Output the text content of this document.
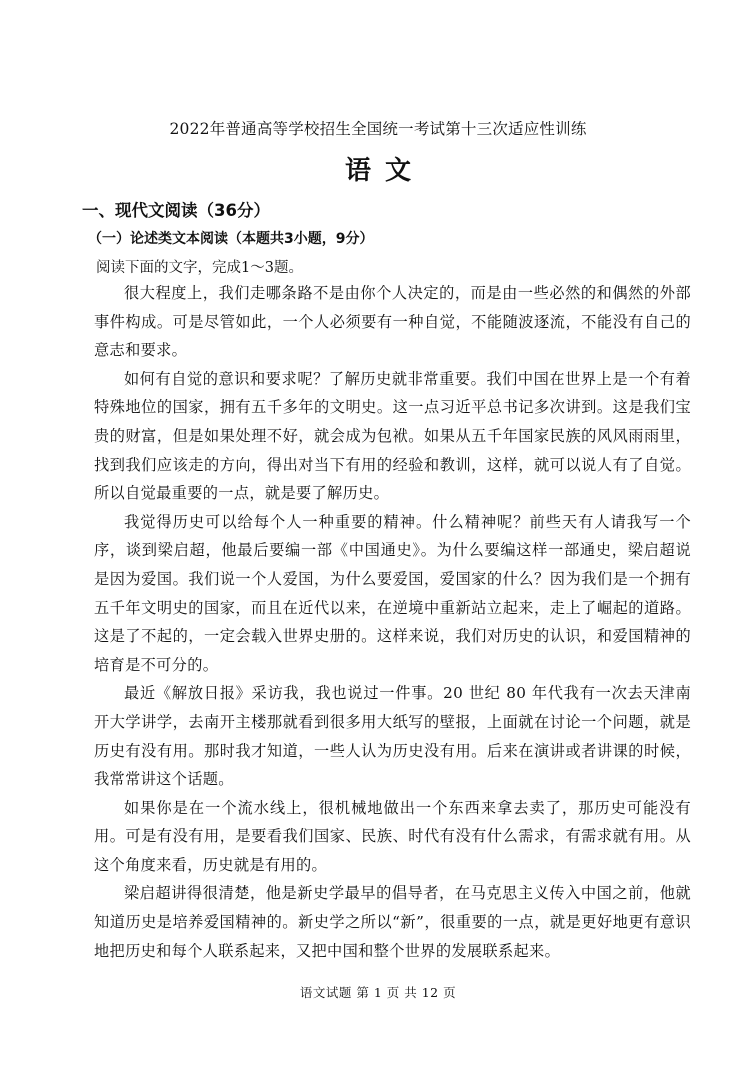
2022年普通高等学校招生全国统一考试第十三次适应性训练
语文
一、现代文阅读（36分）
（一）论述类文本阅读（本题共3小题，9分）
阅读下面的文字，完成1～3题。

很大程度上，我们走哪条路不是由你个人决定的，而是由一些必然的和偶然的外部事件构成。可是尽管如此，一个人必须要有一种自觉，不能随波逐流，不能没有自己的意志和要求。

如何有自觉的意识和要求呢？了解历史就非常重要。我们中国在世界上是一个有着特殊地位的国家，拥有五千多年的文明史。这一点习近平总书记多次讲到。这是我们宝贵的财富，但是如果处理不好，就会成为包袱。如果从五千年国家民族的风风雨雨里，找到我们应该走的方向，得出对当下有用的经验和教训，这样，就可以说人有了自觉。所以自觉最重要的一点，就是要了解历史。

我觉得历史可以给每个人一种重要的精神。什么精神呢？前些天有人请我写一个序，谈到梁启超，他最后要编一部《中国通史》。为什么要编这样一部通史，梁启超说是因为爱国。我们说一个人爱国，为什么要爱国，爱国家的什么？因为我们是一个拥有五千年文明史的国家，而且在近代以来，在逆境中重新站立起来，走上了崛起的道路。这是了不起的，一定会载入世界史册的。这样来说，我们对历史的认识，和爱国精神的培育是不可分的。

最近《解放日报》采访我，我也说过一件事。20 世纪 80 年代我有一次去天津南开大学讲学，去南开主楼那就看到很多用大纸写的壁报，上面就在讨论一个问题，就是历史有没有用。那时我才知道，一些人认为历史没有用。后来在演讲或者讲课的时候，我常常讲这个话题。

如果你是在一个流水线上，很机械地做出一个东西来拿去卖了，那历史可能没有用。可是有没有用，是要看我们国家、民族、时代有没有什么需求，有需求就有用。从这个角度来看，历史就是有用的。

梁启超讲得很清楚，他是新史学最早的倡导者，在马克思主义传入中国之前，他就知道历史是培养爱国精神的。新史学之所以“新”，很重要的一点，就是更好地更有意识地把历史和每个人联系起来，又把中国和整个世界的发展联系起来。

语文试题 第 1 页 共 12 页
